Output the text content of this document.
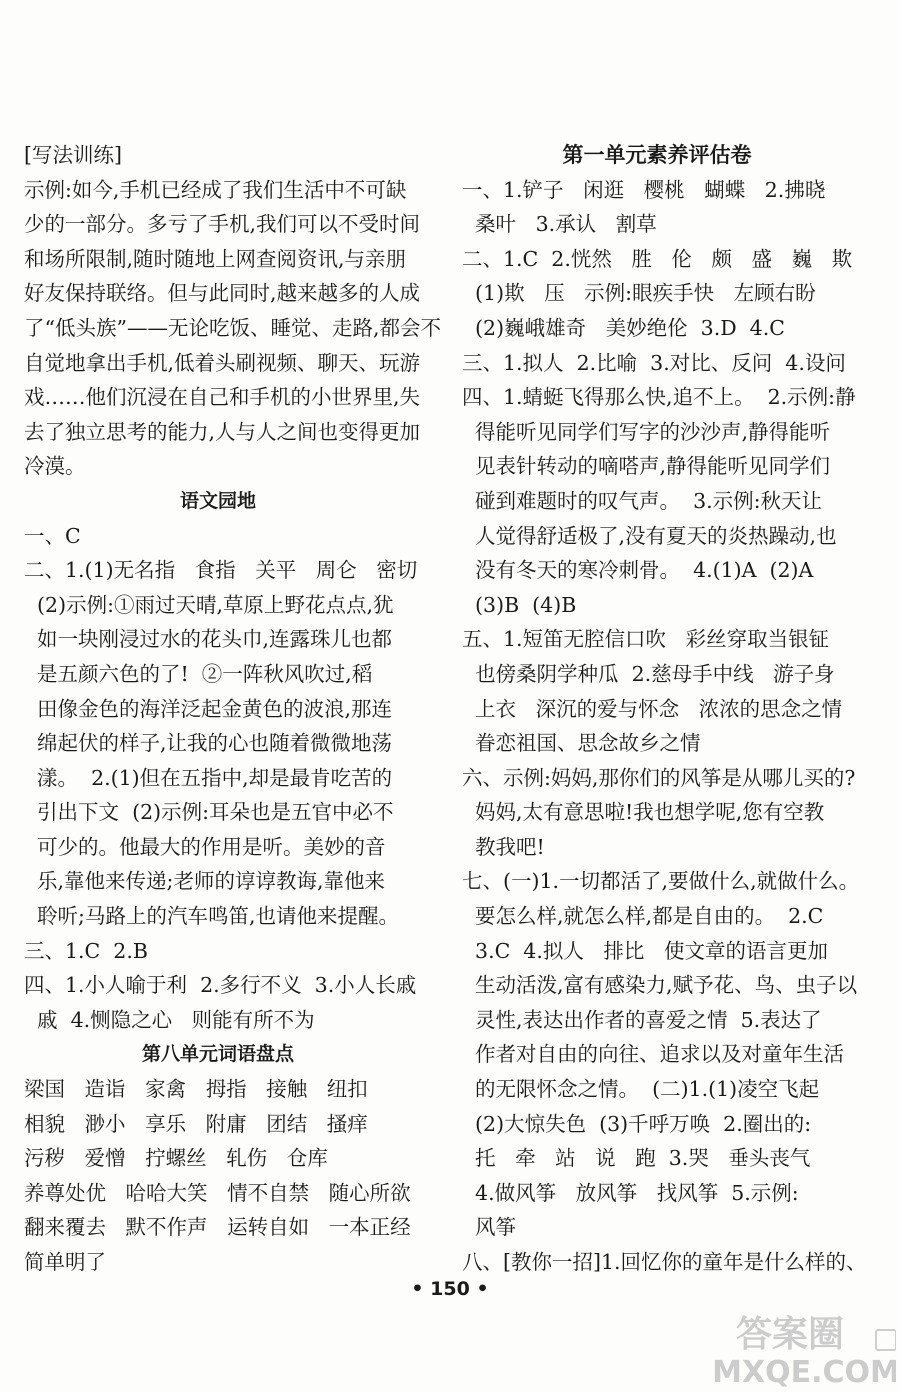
[写法训练]
示例:如今,手机已经成了我们生活中不可缺
少的一部分。多亏了手机,我们可以不受时间
和场所限制,随时随地上网查阅资讯,与亲朋
好友保持联络。但与此同时,越来越多的人成
了“低头族”——无论吃饭、睡觉、走路,都会不
自觉地拿出手机,低着头刷视频、聊天、玩游
戏……他们沉浸在自己和手机的小世界里,失
去了独立思考的能力,人与人之间也变得更加
冷漠。
语文园地
一、C
二、1.(1)无名指   食指   关平   周仑   密切
(2)示例:①雨过天晴,草原上野花点点,犹
如一块刚浸过水的花头巾,连露珠儿也都
是五颜六色的了!  ②一阵秋风吹过,稻
田像金色的海洋泛起金黄色的波浪,那连
绵起伏的样子,让我的心也随着微微地荡
漾。  2.(1)但在五指中,却是最肯吃苦的
引出下文  (2)示例:耳朵也是五官中必不
可少的。他最大的作用是听。美妙的音
乐,靠他来传递;老师的谆谆教诲,靠他来
聆听;马路上的汽车鸣笛,也请他来提醒。
三、1.C  2.B
四、1.小人喻于利  2.多行不义  3.小人长戚
戚  4.恻隐之心   则能有所不为
第八单元词语盘点
梁国   造诣   家禽   拇指   接触   纽扣
相貌   渺小   享乐   附庸   团结   搔痒
污秽   爱憎   拧螺丝   轧伤   仓库
养尊处优   哈哈大笑   情不自禁   随心所欲
翻来覆去   默不作声   运转自如   一本正经
简单明了
第一单元素养评估卷
一、1.铲子   闲逛   樱桃   蝴蝶   2.拂晓
桑叶   3.承认   割草
二、1.C  2.恍然   胜   伦   颇   盛   巍   欺
(1)欺   压   示例:眼疾手快   左顾右盼
(2)巍峨雄奇   美妙绝伦  3.D  4.C
三、1.拟人  2.比喻  3.对比、反问  4.设问
四、1.蜻蜓飞得那么快,追不上。  2.示例:静
得能听见同学们写字的沙沙声,静得能听
见表针转动的嘀嗒声,静得能听见同学们
碰到难题时的叹气声。  3.示例:秋天让
人觉得舒适极了,没有夏天的炎热躁动,也
没有冬天的寒冷刺骨。  4.(1)A  (2)A
(3)B  (4)B
五、1.短笛无腔信口吹   彩丝穿取当银钲
也傍桑阴学种瓜  2.慈母手中线   游子身
上衣   深沉的爱与怀念   浓浓的思念之情
眷恋祖国、思念故乡之情
六、示例:妈妈,那你们的风筝是从哪儿买的?
妈妈,太有意思啦!我也想学呢,您有空教
教我吧!
七、(一)1.一切都活了,要做什么,就做什么。
要怎么样,就怎么样,都是自由的。  2.C
3.C  4.拟人   排比   使文章的语言更加
生动活泼,富有感染力,赋予花、鸟、虫子以
灵性,表达出作者的喜爱之情  5.表达了
作者对自由的向往、追求以及对童年生活
的无限怀念之情。  (二)1.(1)凌空飞起
(2)大惊失色  (3)千呼万唤  2.圈出的:
托   牵   站   说   跑  3.哭   垂头丧气
4.做风筝   放风筝   找风筝  5.示例:
风筝
八、[教你一招]1.回忆你的童年是什么样的、
• 150 •
答案圈
MXQE.COM
